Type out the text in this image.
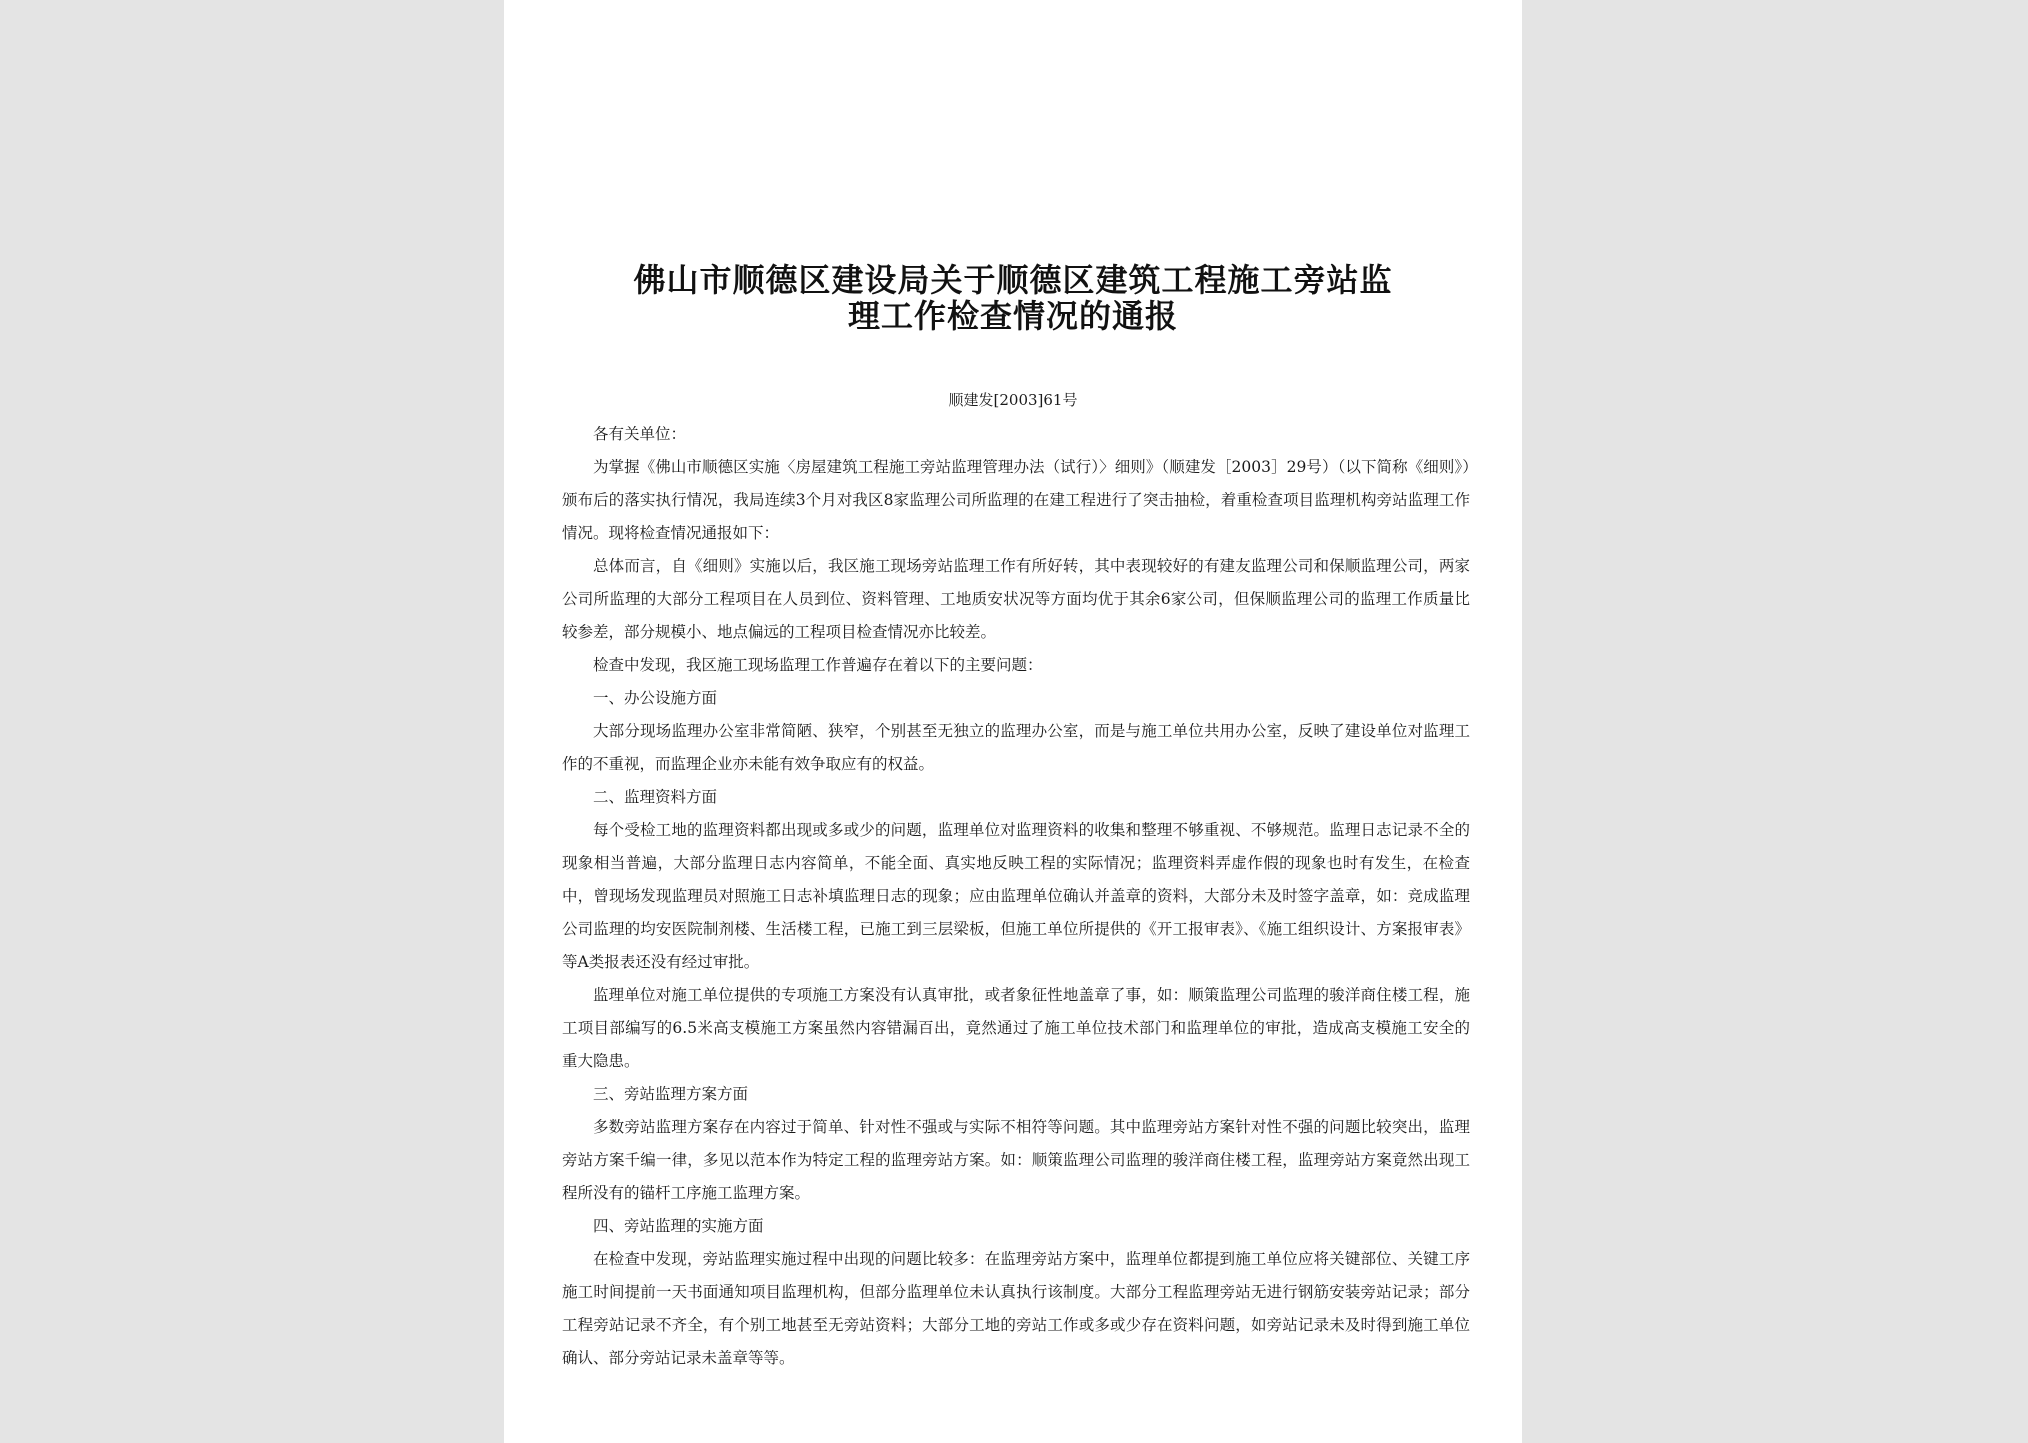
佛山市顺德区建设局关于顺德区建筑工程施工旁站监
理工作检查情况的通报
顺建发[2003]61号

各有关单位：

为掌握《佛山市顺德区实施〈房屋建筑工程施工旁站监理管理办法（试行）〉细则》（顺建发［2003］29号）（以下简称《细则》）颁布后的落实执行情况，我局连续3个月对我区8家监理公司所监理的在建工程进行了突击抽检，着重检查项目监理机构旁站监理工作情况。现将检查情况通报如下：

总体而言，自《细则》实施以后，我区施工现场旁站监理工作有所好转，其中表现较好的有建友监理公司和保顺监理公司，两家公司所监理的大部分工程项目在人员到位、资料管理、工地质安状况等方面均优于其余6家公司，但保顺监理公司的监理工作质量比较参差，部分规模小、地点偏远的工程项目检查情况亦比较差。

检查中发现，我区施工现场监理工作普遍存在着以下的主要问题：

一、办公设施方面

大部分现场监理办公室非常简陋、狭窄，个别甚至无独立的监理办公室，而是与施工单位共用办公室，反映了建设单位对监理工作的不重视，而监理企业亦未能有效争取应有的权益。

二、监理资料方面

每个受检工地的监理资料都出现或多或少的问题，监理单位对监理资料的收集和整理不够重视、不够规范。监理日志记录不全的现象相当普遍，大部分监理日志内容简单，不能全面、真实地反映工程的实际情况；监理资料弄虚作假的现象也时有发生，在检查中，曾现场发现监理员对照施工日志补填监理日志的现象；应由监理单位确认并盖章的资料，大部分未及时签字盖章，如：竞成监理公司监理的均安医院制剂楼、生活楼工程，已施工到三层梁板，但施工单位所提供的《开工报审表》、《施工组织设计、方案报审表》等A类报表还没有经过审批。

监理单位对施工单位提供的专项施工方案没有认真审批，或者象征性地盖章了事，如：顺策监理公司监理的骏洋商住楼工程，施工项目部编写的6.5米高支模施工方案虽然内容错漏百出，竟然通过了施工单位技术部门和监理单位的审批，造成高支模施工安全的重大隐患。

三、旁站监理方案方面

多数旁站监理方案存在内容过于简单、针对性不强或与实际不相符等问题。其中监理旁站方案针对性不强的问题比较突出，监理旁站方案千编一律，多见以范本作为特定工程的监理旁站方案。如：顺策监理公司监理的骏洋商住楼工程，监理旁站方案竟然出现工程所没有的锚杆工序施工监理方案。

四、旁站监理的实施方面

在检查中发现，旁站监理实施过程中出现的问题比较多：在监理旁站方案中，监理单位都提到施工单位应将关键部位、关键工序施工时间提前一天书面通知项目监理机构，但部分监理单位未认真执行该制度。大部分工程监理旁站无进行钢筋安装旁站记录；部分工程旁站记录不齐全，有个别工地甚至无旁站资料；大部分工地的旁站工作或多或少存在资料问题，如旁站记录未及时得到施工单位确认、部分旁站记录未盖章等等。
